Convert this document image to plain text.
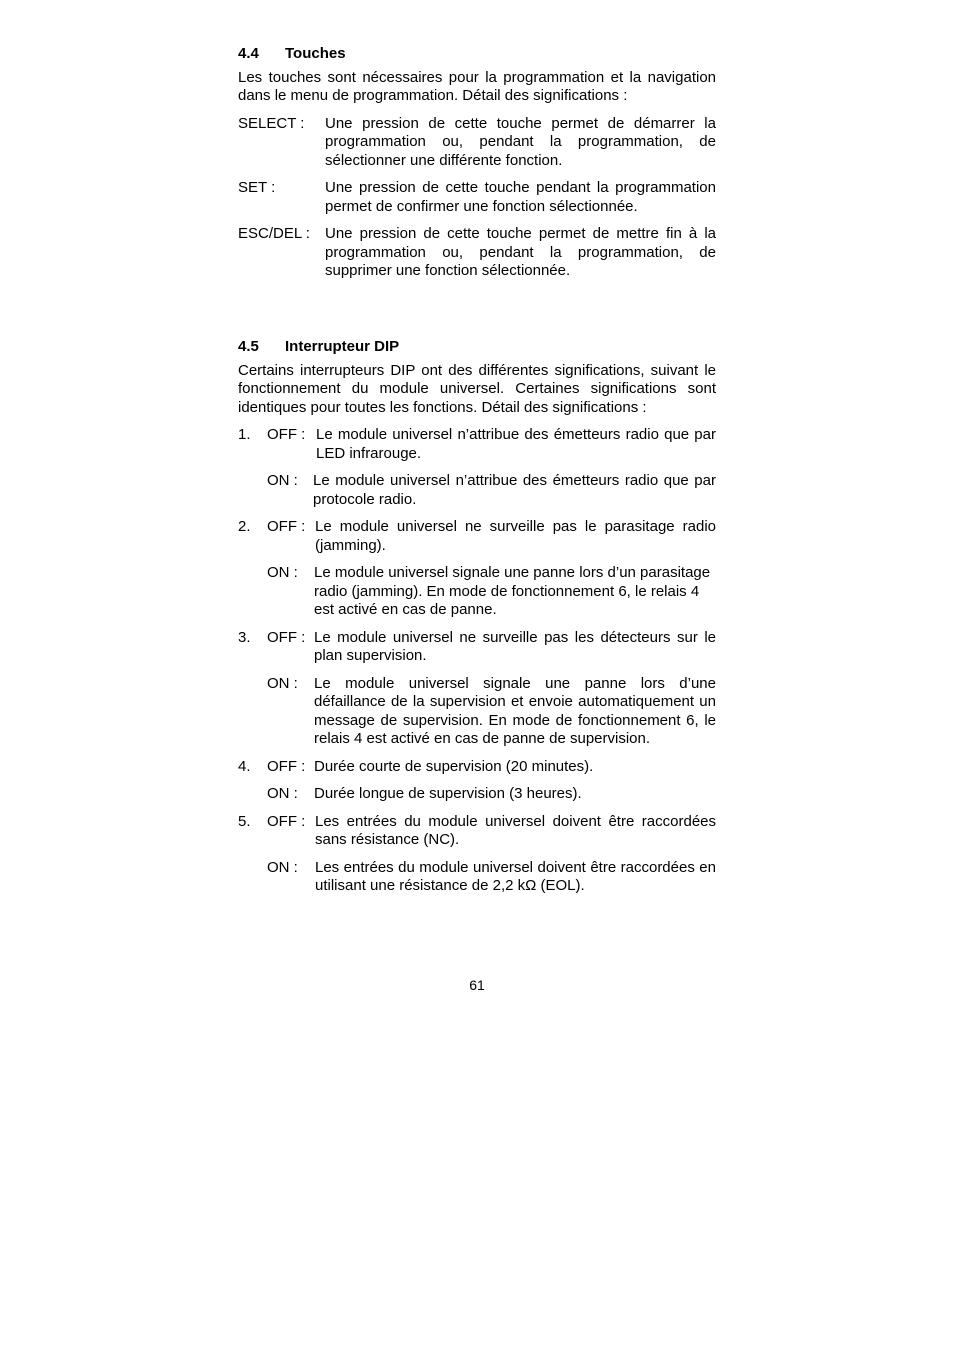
4.4	Touches

Les touches sont nécessaires pour la programmation et la navigation dans le menu de programmation. Détail des significations :

SELECT :	Une pression de cette touche permet de démarrer la programmation ou, pendant la programmation, de sélectionner une différente fonction.
SET :	Une pression de cette touche pendant la programmation permet de confirmer une fonction sélectionnée.
ESC/DEL :	Une pression de cette touche permet de mettre fin à la programmation ou, pendant la programmation, de supprimer une fonction sélectionnée.
4.5	Interrupteur DIP

Certains interrupteurs DIP ont des différentes significations, suivant le fonctionnement du module universel. Certaines significations sont identiques pour toutes les fonctions. Détail des significations :

1.	OFF : Le module universel n’attribue des émetteurs radio que par LED infrarouge.
ON :	Le module universel n’attribue des émetteurs radio que par protocole radio.
2.	OFF : Le module universel ne surveille pas le parasitage radio (jamming).
ON :	Le module universel signale une panne lors d’un parasitage radio (jamming). En mode de fonctionnement 6, le relais 4 est activé en cas de panne.
3.	OFF : Le module universel ne surveille pas les détecteurs sur le plan supervision.
ON :	Le module universel signale une panne lors d’une défaillance de la supervision et envoie automatiquement un message de supervision. En mode de fonctionnement 6, le relais 4 est activé en cas de panne de supervision.
4.	OFF : Durée courte de supervision (20 minutes).
ON :	Durée longue de supervision (3 heures).
5.	OFF : Les entrées du module universel doivent être raccordées sans résistance (NC).
ON :	Les entrées du module universel doivent être raccordées en utilisant une résistance de 2,2 kΩ (EOL).
61
